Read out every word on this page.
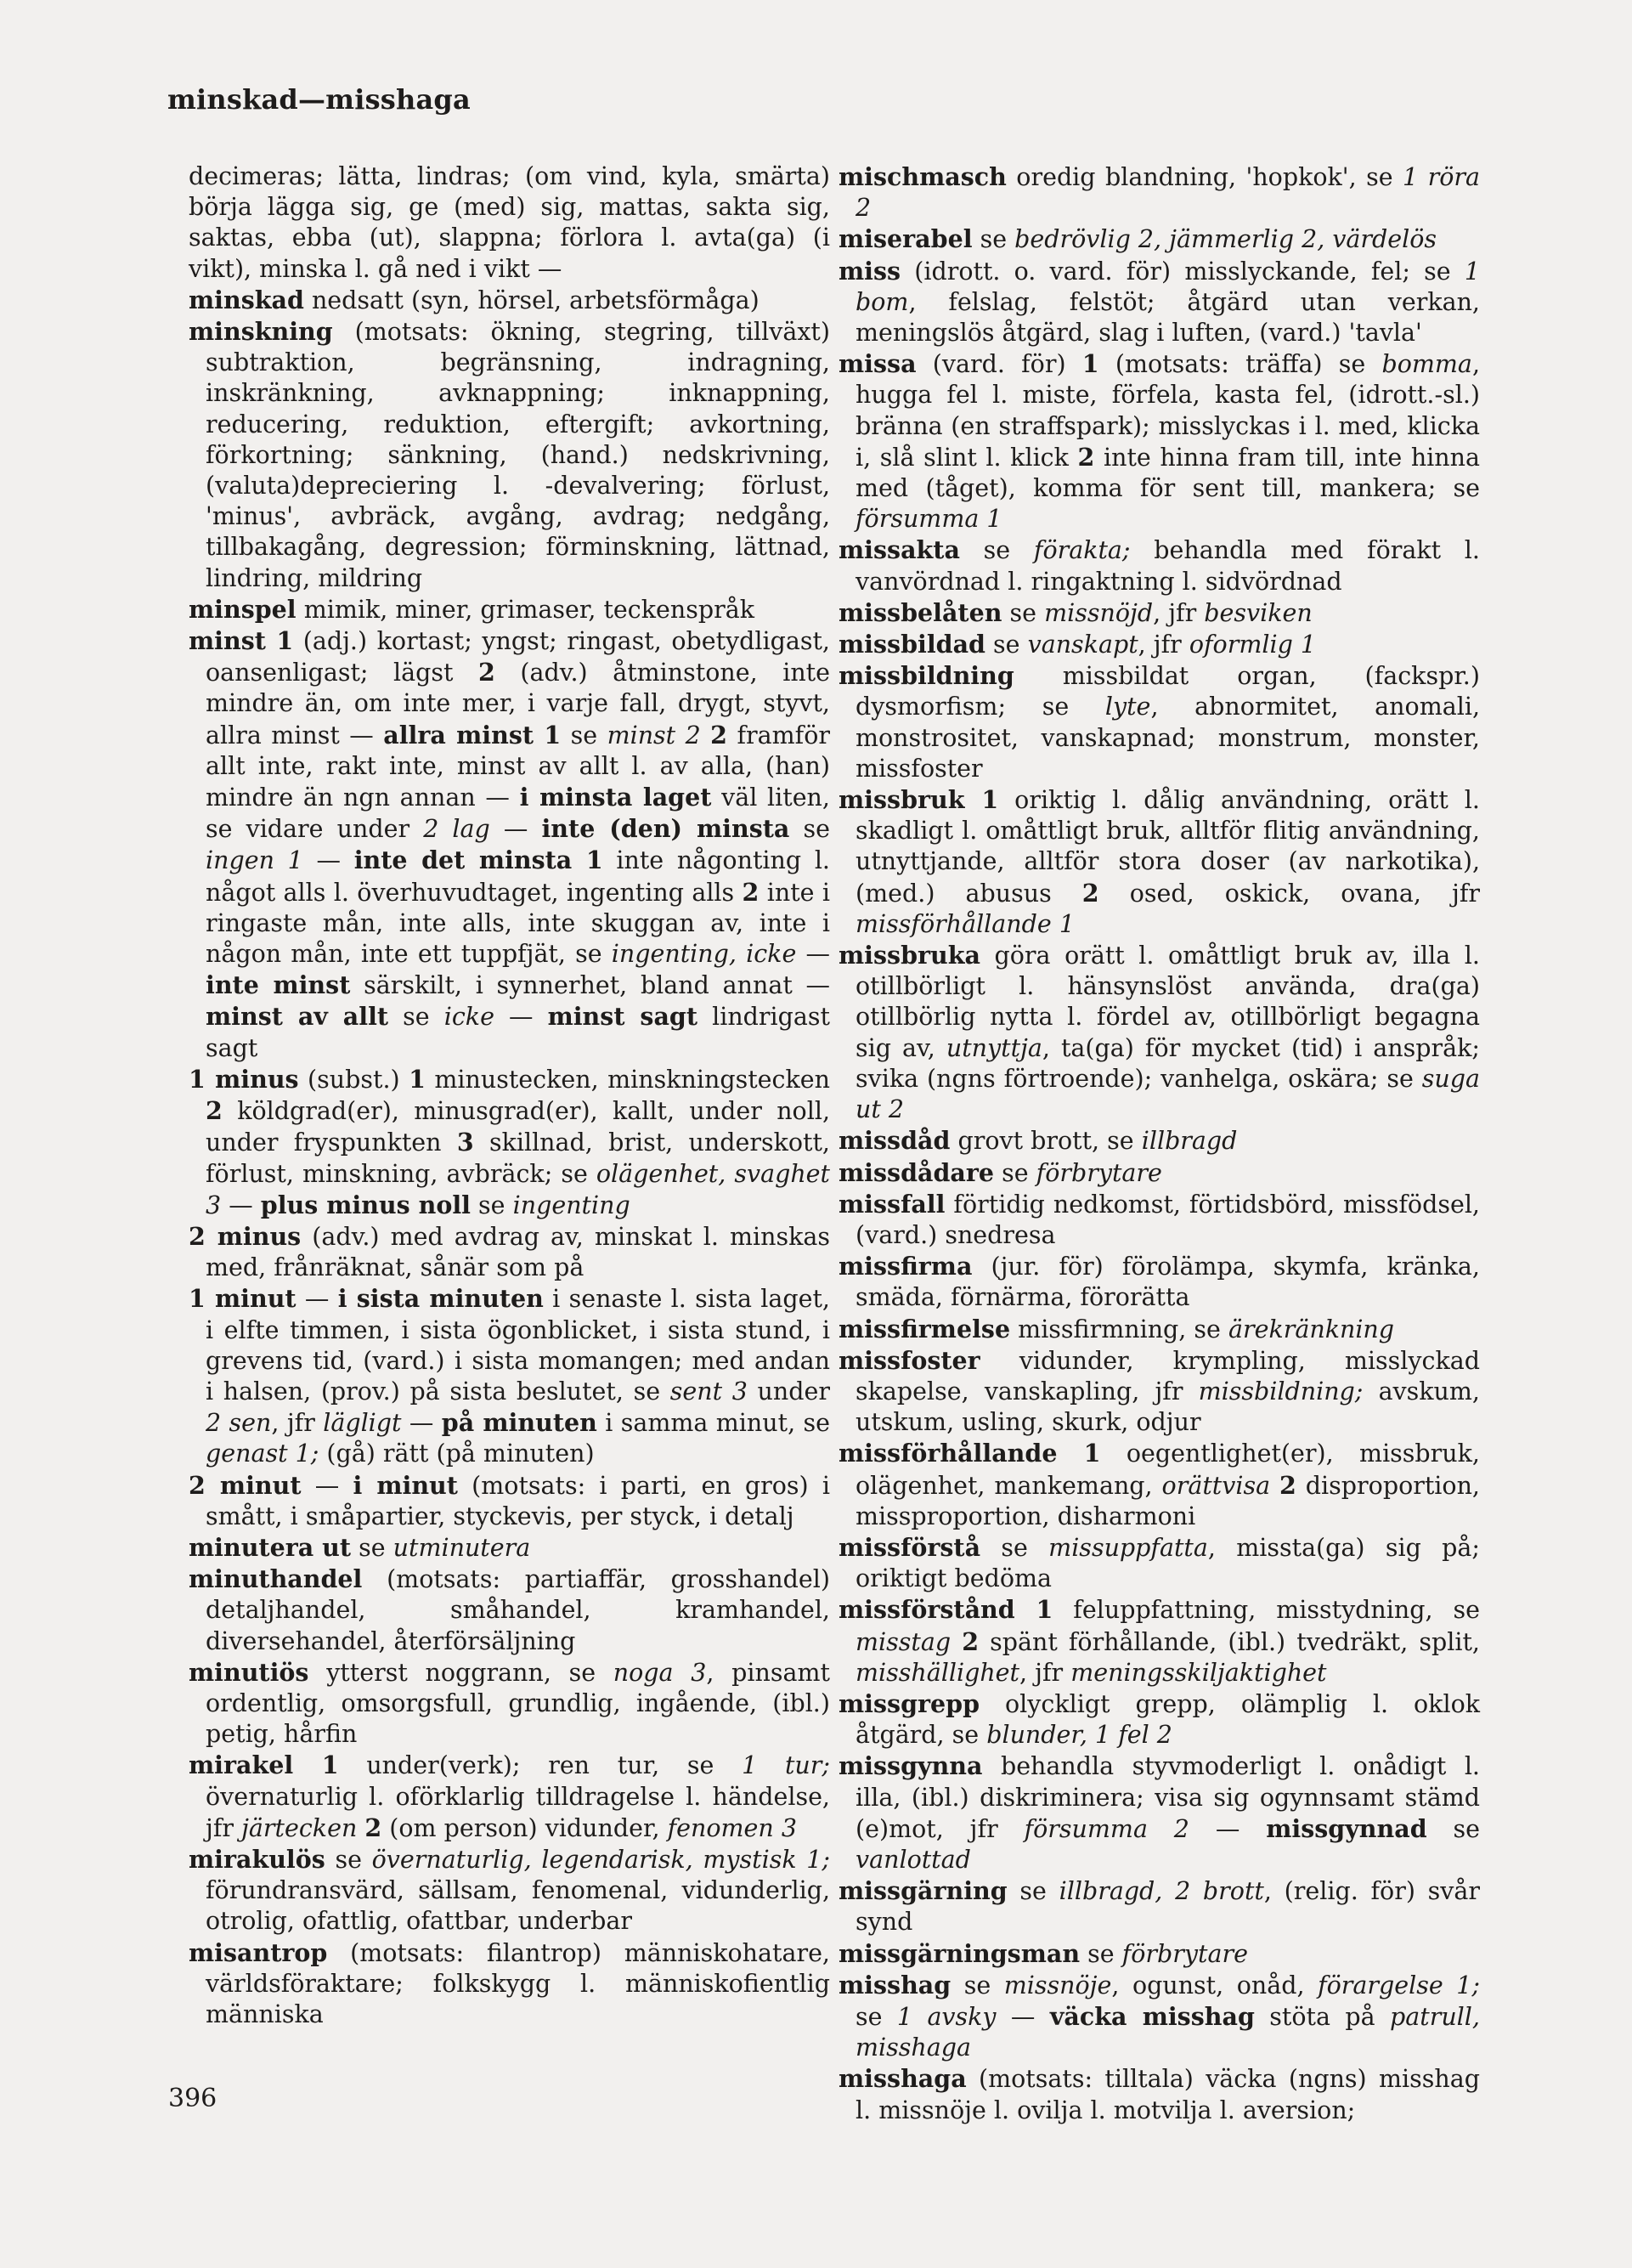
minskad—misshaga

decimeras; lätta, lindras; (om vind, kyla, smärta) börja lägga sig, ge (med) sig, mattas, sakta sig, saktas, ebba (ut), slappna; förlora l. avta(ga) (i vikt), minska l. gå ned i vikt —

minskad nedsatt (syn, hörsel, arbetsförmåga)

minskning (motsats: ökning, stegring, tillväxt) subtraktion, begränsning, indragning, inskränkning, avknappning; inknappning, reducering, reduktion, eftergift; avkortning, förkortning; sänkning, (hand.) nedskrivning, (valuta)depreciering l. -devalvering; förlust, 'minus', avbräck, avgång, avdrag; nedgång, tillbakagång, degression; förminskning, lättnad, lindring, mildring

minspel mimik, miner, grimaser, teckenspråk

minst 1 (adj.) kortast; yngst; ringast, obetydligast, oansenligast; lägst 2 (adv.) åtminstone, inte mindre än, om inte mer, i varje fall, drygt, styvt, allra minst — allra minst 1 se minst 2 2 framför allt inte, rakt inte, minst av allt l. av alla, (han) mindre än ngn annan — i minsta laget väl liten, se vidare under 2 lag — inte (den) minsta se ingen 1 — inte det minsta 1 inte någonting l. något alls l. överhuvudtaget, ingenting alls 2 inte i ringaste mån, inte alls, inte skuggan av, inte i någon mån, inte ett tuppfjät, se ingenting, icke — inte minst särskilt, i synnerhet, bland annat — minst av allt se icke — minst sagt lindrigast sagt

1 minus (subst.) 1 minustecken, minskningstecken 2 köldgrad(er), minusgrad(er), kallt, under noll, under fryspunkten 3 skillnad, brist, underskott, förlust, minskning, avbräck; se olägenhet, svaghet 3 — plus minus noll se ingenting

2 minus (adv.) med avdrag av, minskat l. minskas med, frånräknat, sånär som på

1 minut — i sista minuten i senaste l. sista laget, i elfte timmen, i sista ögonblicket, i sista stund, i grevens tid, (vard.) i sista momangen; med andan i halsen, (prov.) på sista beslutet, se sent 3 under 2 sen, jfr lägligt — på minuten i samma minut, se genast 1; (gå) rätt (på minuten)

2 minut — i minut (motsats: i parti, en gros) i smått, i småpartier, styckevis, per styck, i detalj

minutera ut se utminutera

minuthandel (motsats: partiaffär, grosshandel) detaljhandel, småhandel, kramhandel, diversehandel, återförsäljning

minutiös ytterst noggrann, se noga 3, pinsamt ordentlig, omsorgsfull, grundlig, ingående, (ibl.) petig, hårfin

mirakel 1 under(verk); ren tur, se 1 tur; övernaturlig l. oförklarlig tilldragelse l. händelse, jfr järtecken 2 (om person) vidunder, fenomen 3

mirakulös se övernaturlig, legendarisk, mystisk 1; förundransvärd, sällsam, fenomenal, vidunderlig, otrolig, ofattlig, ofattbar, underbar

misantrop (motsats: filantrop) människohatare, världsföraktare; folkskygg l. människofientlig människa

mischmasch oredig blandning, 'hopkok', se 1 röra 2

miserabel se bedrövlig 2, jämmerlig 2, värdelös

miss (idrott. o. vard. för) misslyckande, fel; se 1 bom, felslag, felstöt; åtgärd utan verkan, meningslös åtgärd, slag i luften, (vard.) 'tavla'

missa (vard. för) 1 (motsats: träffa) se bomma, hugga fel l. miste, förfela, kasta fel, (idrott.-sl.) bränna (en straffspark); misslyckas i l. med, klicka i, slå slint l. klick 2 inte hinna fram till, inte hinna med (tåget), komma för sent till, mankera; se försumma 1

missakta se förakta; behandla med förakt l. vanvördnad l. ringaktning l. sidvördnad

missbelåten se missnöjd, jfr besviken

missbildad se vanskapt, jfr oformlig 1

missbildning missbildat organ, (fackspr.) dysmorfism; se lyte, abnormitet, anomali, monstrositet, vanskapnad; monstrum, monster, missfoster

missbruk 1 oriktig l. dålig användning, orätt l. skadligt l. omåttligt bruk, alltför flitig användning, utnyttjande, alltför stora doser (av narkotika), (med.) abusus 2 osed, oskick, ovana, jfr missförhållande 1

missbruka göra orätt l. omåttligt bruk av, illa l. otillbörligt l. hänsynslöst använda, dra(ga) otillbörlig nytta l. fördel av, otillbörligt begagna sig av, utnyttja, ta(ga) för mycket (tid) i anspråk; svika (ngns förtroende); vanhelga, oskära; se suga ut 2

missdåd grovt brott, se illbragd

missdådare se förbrytare

missfall förtidig nedkomst, förtidsbörd, missfödsel, (vard.) snedresa

missfirma (jur. för) förolämpa, skymfa, kränka, smäda, förnärma, förorätta

missfirmelse missfirmning, se ärekränkning

missfoster vidunder, krympling, misslyckad skapelse, vanskapling, jfr missbildning; avskum, utskum, usling, skurk, odjur

missförhållande 1 oegentlighet(er), missbruk, olägenhet, mankemang, orättvisa 2 disproportion, missproportion, disharmoni

missförstå se missuppfatta, missta(ga) sig på; oriktigt bedöma

missförstånd 1 feluppfattning, misstydning, se misstag 2 spänt förhållande, (ibl.) tvedräkt, split, misshällighet, jfr meningsskiljaktighet

missgrepp olyckligt grepp, olämplig l. oklok åtgärd, se blunder, 1 fel 2

missgynna behandla styvmoderligt l. onådigt l. illa, (ibl.) diskriminera; visa sig ogynnsamt stämd (e)mot, jfr försumma 2 — missgynnad se vanlottad

missgärning se illbragd, 2 brott, (relig. för) svår synd

missgärningsman se förbrytare

misshag se missnöje, ogunst, onåd, förargelse 1; se 1 avsky — väcka misshag stöta på patrull, misshaga

misshaga (motsats: tilltala) väcka (ngns) misshag l. missnöje l. ovilja l. motvilja l. aversion;

396
